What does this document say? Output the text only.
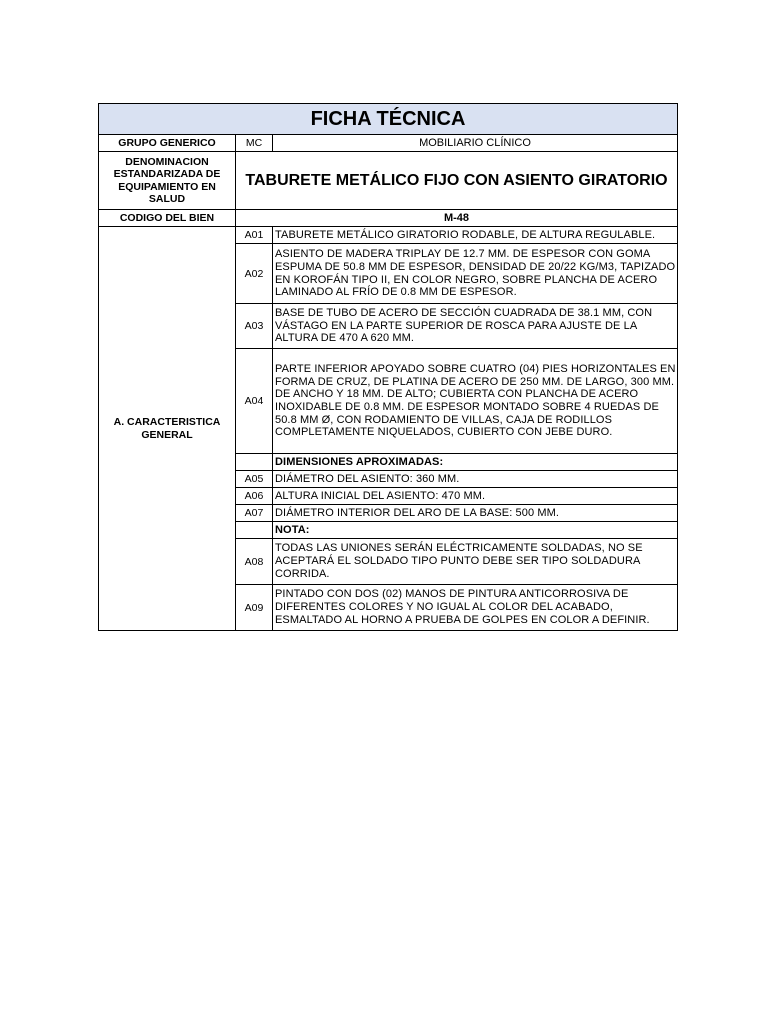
FICHA TÉCNICA		
GRUPO GENERICO	MC	MOBILIARIO CLÍNICO
DENOMINACION ESTANDARIZADA DE EQUIPAMIENTO EN SALUD	TABURETE METÁLICO FIJO CON ASIENTO GIRATORIO	
CODIGO DEL BIEN	M-48	
A. CARACTERISTICA GENERAL	A01	TABURETE METÁLICO GIRATORIO RODABLE, DE ALTURA REGULABLE.
	A02	ASIENTO DE MADERA TRIPLAY DE 12.7 MM. DE ESPESOR CON GOMA ESPUMA DE 50.8 MM DE ESPESOR, DENSIDAD DE 20/22 KG/M3, TAPIZADO EN KOROFÁN TIPO II, EN COLOR NEGRO, SOBRE PLANCHA DE ACERO LAMINADO AL FRÍO DE 0.8 MM DE ESPESOR.
	A03	BASE DE TUBO DE ACERO DE SECCIÓN CUADRADA DE 38.1 MM, CON VÁSTAGO EN LA PARTE SUPERIOR DE ROSCA PARA AJUSTE DE LA ALTURA DE 470 A 620 MM.
	A04	PARTE INFERIOR APOYADO SOBRE CUATRO (04) PIES HORIZONTALES EN FORMA DE CRUZ, DE PLATINA DE ACERO DE 250 MM. DE LARGO, 300 MM. DE ANCHO Y 18 MM. DE ALTO; CUBIERTA CON PLANCHA DE ACERO INOXIDABLE DE 0.8 MM. DE ESPESOR MONTADO SOBRE 4 RUEDAS DE 50.8 MM Ø, CON RODAMIENTO DE VILLAS, CAJA DE RODILLOS COMPLETAMENTE NIQUELADOS, CUBIERTO CON JEBE DURO.
		DIMENSIONES APROXIMADAS:
	A05	DIÁMETRO DEL ASIENTO: 360 MM.
	A06	ALTURA INICIAL DEL ASIENTO: 470 MM.
	A07	DIÁMETRO INTERIOR DEL ARO DE LA BASE: 500 MM.
		NOTA:
	A08	TODAS LAS UNIONES SERÁN ELÉCTRICAMENTE SOLDADAS, NO SE ACEPTARÁ EL SOLDADO TIPO PUNTO DEBE SER TIPO SOLDADURA CORRIDA.
	A09	PINTADO CON DOS (02) MANOS DE PINTURA ANTICORROSIVA DE DIFERENTES COLORES Y NO IGUAL AL COLOR DEL ACABADO, ESMALTADO AL HORNO A PRUEBA DE GOLPES EN COLOR A DEFINIR.
